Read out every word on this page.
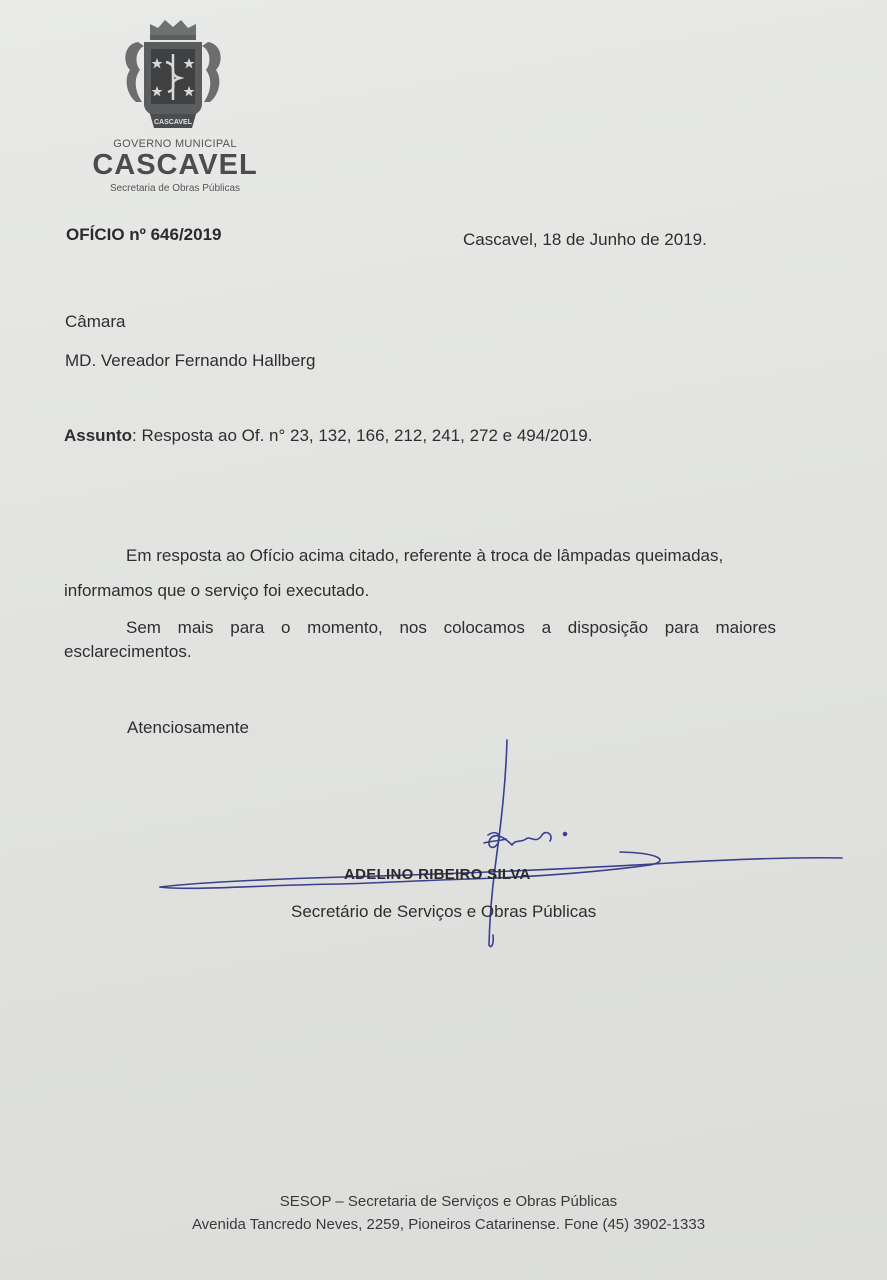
CASCAVEL
GOVERNO MUNICIPAL
CASCAVEL
Secretaria de Obras Públicas
OFÍCIO nº 646/2019	Cascavel, 18 de Junho de 2019.
Câmara
MD. Vereador Fernando Hallberg
Assunto: Resposta ao Of. n° 23, 132, 166, 212, 241, 272 e 494/2019.
Em resposta ao Ofício acima citado, referente à troca de lâmpadas queimadas, informamos que o serviço foi executado.
Sem mais para o momento, nos colocamos a disposição para maiores esclarecimentos.
Atenciosamente
ADELINO RIBEIRO SILVA
Secretário de Serviços e Obras Públicas
SESOP – Secretaria de Serviços e Obras Públicas
Avenida Tancredo Neves, 2259, Pioneiros Catarinense. Fone (45) 3902-1333
